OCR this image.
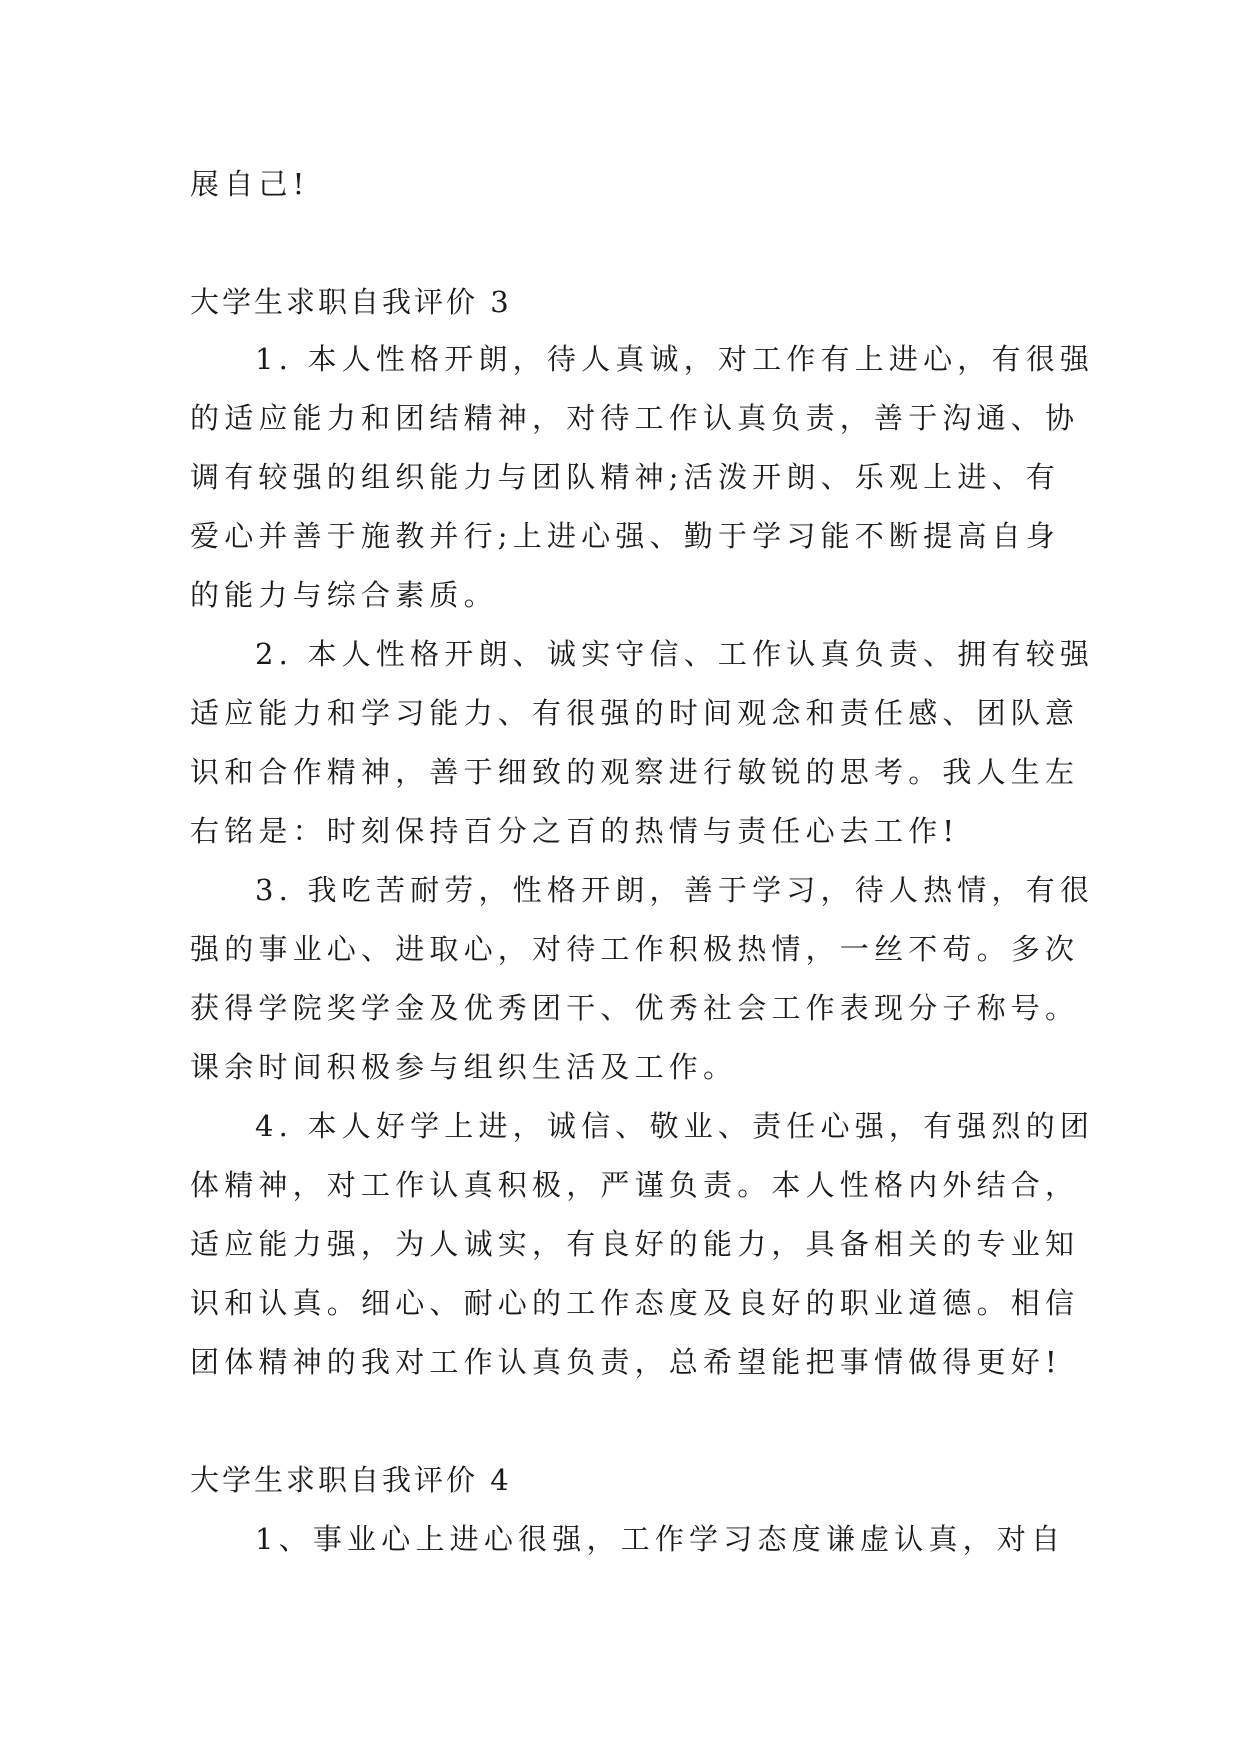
展自己!
大学生求职自我评价 3
1. 本人性格开朗，待人真诚，对工作有上进心，有很强
的适应能力和团结精神，对待工作认真负责，善于沟通、协
调有较强的组织能力与团队精神;活泼开朗、乐观上进、有
爱心并善于施教并行;上进心强、勤于学习能不断提高自身
的能力与综合素质。
2. 本人性格开朗、诚实守信、工作认真负责、拥有较强
适应能力和学习能力、有很强的时间观念和责任感、团队意
识和合作精神，善于细致的观察进行敏锐的思考。我人生左
右铭是：时刻保持百分之百的热情与责任心去工作!
3. 我吃苦耐劳，性格开朗，善于学习，待人热情，有很
强的事业心、进取心，对待工作积极热情，一丝不苟。多次
获得学院奖学金及优秀团干、优秀社会工作表现分子称号。
课余时间积极参与组织生活及工作。
4. 本人好学上进，诚信、敬业、责任心强，有强烈的团
体精神，对工作认真积极，严谨负责。本人性格内外结合，
适应能力强，为人诚实，有良好的能力，具备相关的专业知
识和认真。细心、耐心的工作态度及良好的职业道德。相信
团体精神的我对工作认真负责，总希望能把事情做得更好!
大学生求职自我评价 4
1、事业心上进心很强，工作学习态度谦虚认真，对自
